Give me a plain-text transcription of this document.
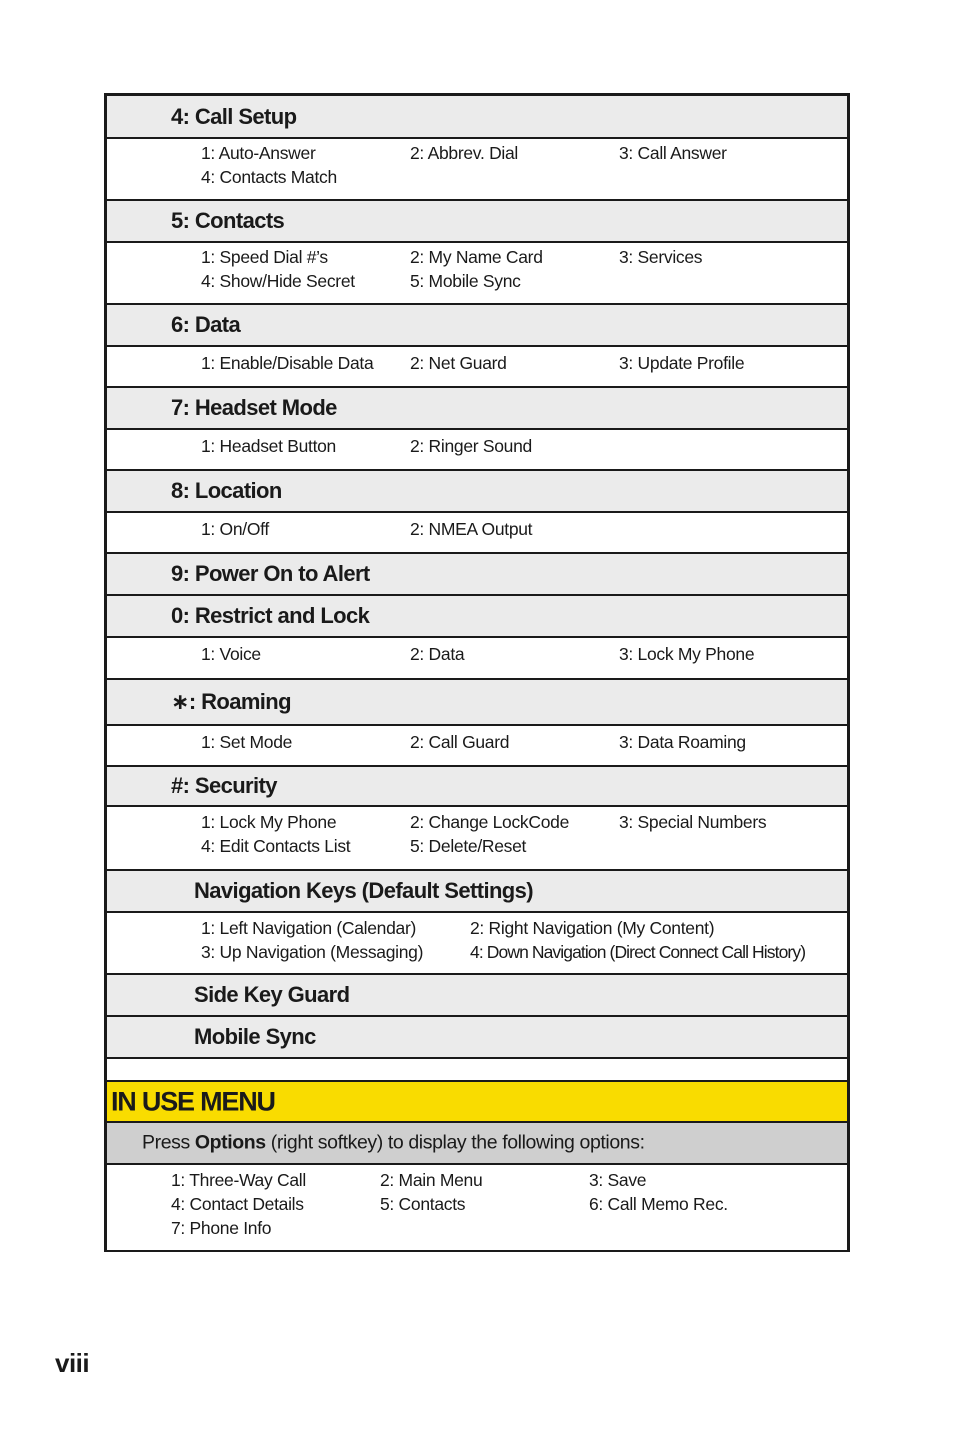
4: Call Setup
1: Auto-Answer	2: Abbrev. Dial	3: Call Answer
4: Contacts Match
5: Contacts
1: Speed Dial #’s	2: My Name Card	3: Services
4: Show/Hide Secret	5: Mobile Sync
6: Data
1: Enable/Disable Data 2: Net Guard	3: Update Profile
7: Headset Mode
1: Headset Button	2: Ringer Sound
8: Location
1: On/Off	2: NMEA Output
9: Power On to Alert
0: Restrict and Lock
1: Voice	2: Data	3: Lock My Phone
∗: Roaming
1: Set Mode	2: Call Guard	3: Data Roaming
#: Security
1: Lock My Phone	2: Change LockCode	3: Special Numbers
4: Edit Contacts List	5: Delete/Reset
Navigation Keys (Default Settings)
1: Left Navigation (Calendar)	2: Right Navigation (My Content)
3: Up Navigation (Messaging)	4: Down Navigation (Direct Connect Call History)
Side Key Guard
Mobile Sync
IN USE MENU
Press Options (right softkey) to display the following options:
1: Three-Way Call	2: Main Menu	3: Save
4: Contact Details	5: Contacts	6: Call Memo Rec.
7: Phone Info
viii
